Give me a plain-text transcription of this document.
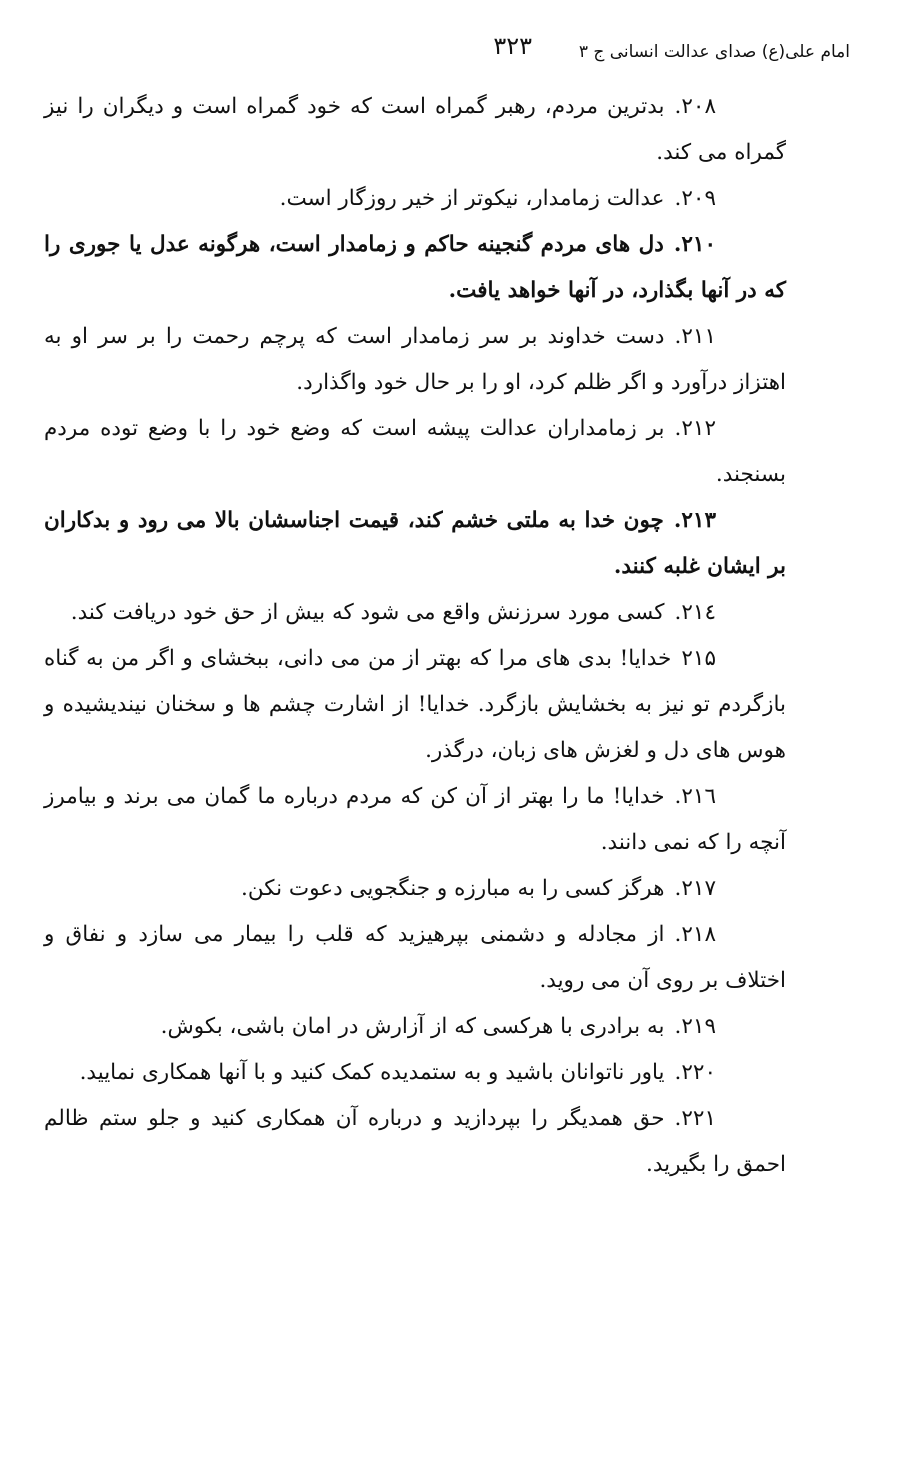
امام علی(ع) صدای عدالت انسانی ج ۳
۳۲۳

۲۰۸.بدترین مردم، رهبر گمراه است که خود گمراه است و دیگران را نیز گمراه می کند.

۲۰۹.عدالت زمامدار، نیکوتر از خیر روزگار است.

۲۱۰.دل های مردم گنجینه حاکم و زمامدار است، هرگونه عدل یا جوری را که در آنها بگذارد، در آنها خواهد یافت.

۲۱۱.دست خداوند بر سر زمامدار است که پرچم رحمت را بر سر او به اهتزاز درآورد و اگر ظلم کرد، او را بر حال خود واگذارد.

۲۱۲.بر زمامداران عدالت پیشه است که وضع خود را با وضع توده مردم بسنجند.

۲۱۳.چون خدا به ملتی خشم کند، قیمت اجناسشان بالا می رود و بدکاران بر ایشان غلبه کنند.

۲۱٤.کسی مورد سرزنش واقع می شود که بیش از حق خود دریافت کند.

۲۱۵خدایا! بدی های مرا که بهتر از من می دانی، ببخشای و اگر من به گناه بازگردم تو نیز به بخشایش بازگرد. خدایا! از اشارت چشم ها و سخنان نیندیشیده و هوس های دل و لغزش های زبان، درگذر.

۲۱٦.خدایا! ما را بهتر از آن کن که مردم درباره ما گمان می برند و بیامرز آنچه را که نمی دانند.

۲۱۷.هرگز کسی را به مبارزه و جنگجویی دعوت نکن.

۲۱۸.از مجادله و دشمنی بپرهیزید که قلب را بیمار می سازد و نفاق و اختلاف بر روی آن می روید.

۲۱۹.به برادری با هرکسی که از آزارش در امان باشی، بکوش.

۲۲۰.یاور ناتوانان باشید و به ستمدیده کمک کنید و با آنها همکاری نمایید.

۲۲۱.حق همدیگر را بپردازید و درباره آن همکاری کنید و جلو ستم ظالم احمق را بگیرید.
